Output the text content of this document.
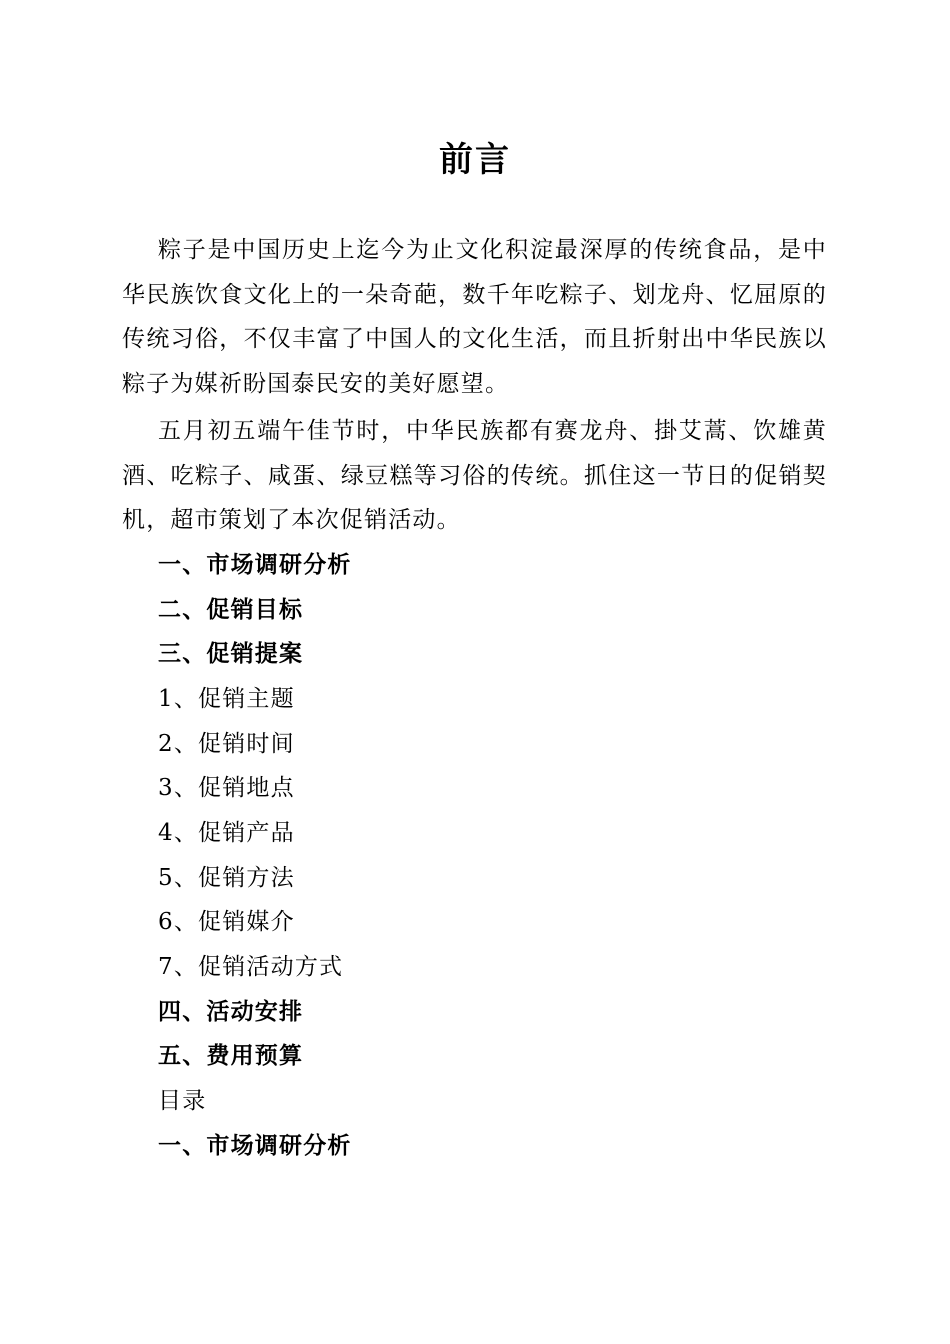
前言

粽子是中国历史上迄今为止文化积淀最深厚的传统食品，是中华民族饮食文化上的一朵奇葩，数千年吃粽子、划龙舟、忆屈原的传统习俗，不仅丰富了中国人的文化生活，而且折射出中华民族以粽子为媒祈盼国泰民安的美好愿望。

五月初五端午佳节时，中华民族都有赛龙舟、掛艾蒿、饮雄黄酒、吃粽子、咸蛋、绿豆糕等习俗的传统。抓住这一节日的促销契机，超市策划了本次促销活动。

一、市场调研分析
二、促销目标
三、促销提案
1、促销主题
2、促销时间
3、促销地点
4、促销产品
5、促销方法
6、促销媒介
7、促销活动方式
四、活动安排
五、费用预算
目录
一、市场调研分析
